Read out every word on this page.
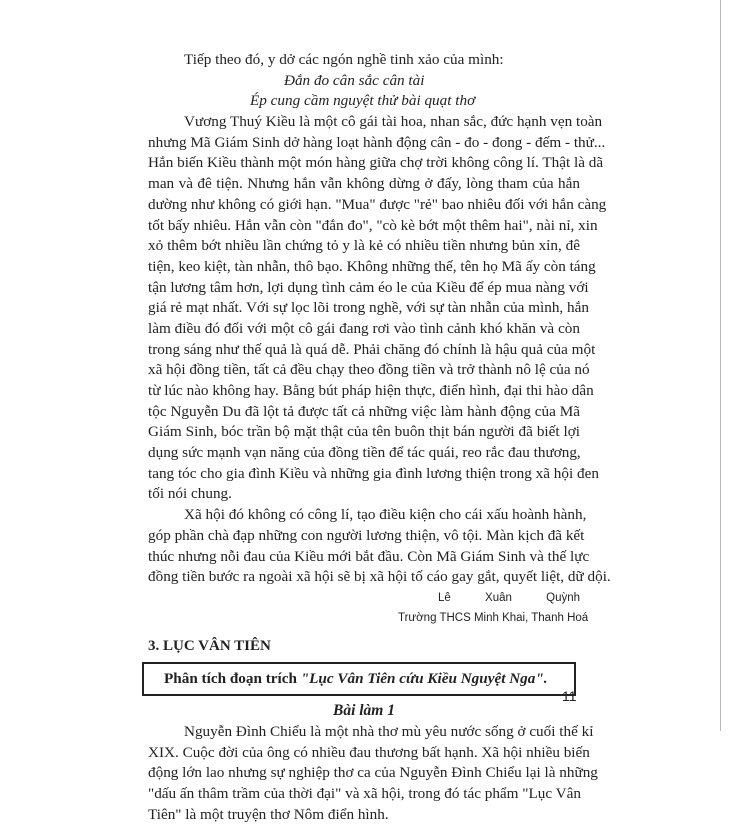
Tiếp theo đó, y dở các ngón nghề tinh xảo của mình:
Đắn đo cân sắc cân tài
Ép cung cầm nguyệt thử bài quạt thơ
Vương Thuý Kiều là một cô gái tài hoa, nhan sắc, đức hạnh vẹn toàn
nhưng Mã Giám Sinh dở hàng loạt hành động cân - đo - đong - đếm - thử...
Hắn biến Kiều thành một món hàng giữa chợ trời không công lí. Thật là dã
man và đê tiện. Nhưng hắn vẫn không dừng ở đấy, lòng tham của hắn
dường như không có giới hạn. "Mua" được "rẻ" bao nhiêu đối với hắn càng
tốt bấy nhiêu. Hắn vẫn còn "đắn đo", "cò kè bớt một thêm hai", nài nỉ, xin
xỏ thêm bớt nhiều lần chứng tỏ y là kẻ có nhiều tiền nhưng bủn xỉn, đê
tiện, keo kiệt, tàn nhẫn, thô bạo. Không những thế, tên họ Mã ấy còn táng
tận lương tâm hơn, lợi dụng tình cảm éo le của Kiều để ép mua nàng với
giá rẻ mạt nhất. Với sự lọc lõi trong nghề, với sự tàn nhẫn của mình, hắn
làm điều đó đối với một cô gái đang rơi vào tình cảnh khó khăn và còn
trong sáng như thế quả là quá dễ. Phải chăng đó chính là hậu quả của một
xã hội đồng tiền, tất cả đều chạy theo đồng tiền và trở thành nô lệ của nó
từ lúc nào không hay. Bằng bút pháp hiện thực, điển hình, đại thi hào dân
tộc Nguyễn Du đã lột tả được tất cả những việc làm hành động của Mã
Giám Sinh, bóc trần bộ mặt thật của tên buôn thịt bán người đã biết lợi
dụng sức mạnh vạn năng của đồng tiền để tác quái, reo rắc đau thương,
tang tóc cho gia đình Kiều và những gia đình lương thiện trong xã hội đen
tối nói chung.
Xã hội đó không có công lí, tạo điều kiện cho cái xấu hoành hành,
góp phần chà đạp những con người lương thiện, vô tội. Màn kịch đã kết
thúc nhưng nỗi đau của Kiều mới bắt đầu. Còn Mã Giám Sinh và thế lực
đồng tiền bước ra ngoài xã hội sẽ bị xã hội tố cáo gay gắt, quyết liệt, dữ dội.
Lê Xuân Quỳnh
Trường THCS Minh Khai, Thanh Hoá
3. LỤC VÂN TIÊN
Phân tích đoạn trích "Lục Vân Tiên cứu Kiều Nguyệt Nga".
Bài làm 1
Nguyễn Đình Chiểu là một nhà thơ mù yêu nước sống ở cuối thế kỉ
XIX. Cuộc đời của ông có nhiều đau thương bất hạnh. Xã hội nhiều biến
động lớn lao nhưng sự nghiệp thơ ca của Nguyễn Đình Chiểu lại là những
"dấu ấn thâm trầm của thời đại" và xã hội, trong đó tác phẩm "Lục Vân
Tiên" là một truyện thơ Nôm điển hình.
11
